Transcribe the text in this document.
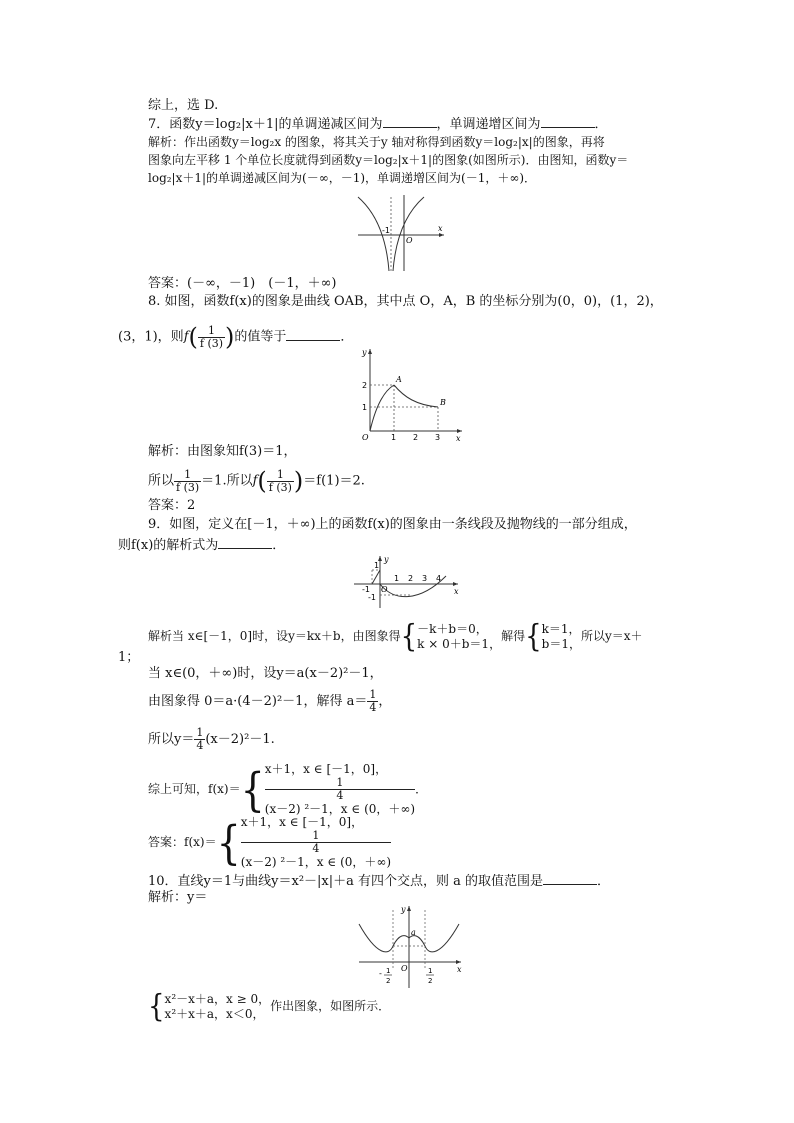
综上，选 D.
7．函数y＝log₂|x＋1|的单调递减区间为	，单调递增区间为	．
解析：作出函数y＝log₂x 的图象，将其关于y 轴对称得到函数y＝log₂|x|的图象，再将
图象向左平移 1 个单位长度就得到函数y＝log₂|x＋1|的图象(如图所示)．由图知，函数y＝
log₂|x＋1|的单调递减区间为(－∞，－1)，单调递增区间为(－1，＋∞)．
-1
O
x
答案：(－∞，－1)　(－1，＋∞)
8. 如图，函数f(x)的图象是曲线 OAB，其中点 O，A，B 的坐标分别为(0，0)，(1，2)，
(3，1)，则$f( \frac{1}{f (3)}$ )的值等于	．
y
x
O
A
B
1 2 3
1
2
解析：由图象知f(3)＝1，
所以 $\frac{1}{f (3)} =1$.所以$f( \frac{1}{f (3)} )=f(1)=2$.
答案：2
9．如图，定义在[－1，＋∞)上的函数f(x)的图象由一条线段及抛物线的一部分组成，
则f(x)的解析式为	．
y
x
O
-1
1 2 3 4
1
-1
解析当 x∈[－1，0]时，设y＝kx＋b，由图象得{ －k＋b＝0，
k × 0＋b＝1，
解得{ k＝1，
b＝1，
所以y＝x＋
1；
当 x∈(0，＋∞)时，设y＝a(x－2)²－1，
由图象得 0＝a·(4－2)²－1，解得 $a= \frac{1}{4}$ ，
所以$y= \frac{1}{4} (x-2)^2-1$.
综上可知，f(x)＝{ x＋1，x ∈ [－1，0]，
1
4
(x－2) ²－1，x ∈ (0，＋∞)
．
答案：f(x)＝{ x＋1，x ∈ [－1，0]，
1
4
(x－2) ²－1，x ∈ (0，＋∞)
10．直线y＝1与曲线y＝x²－|x|＋a 有四个交点，则 a 的取值范围是	．
解析：y＝
y
x
O
a
- 1
2
1
2
{ x²－x＋a，x ≥ 0，
x²＋x＋a，x＜0，
作出图象，如图所示．
